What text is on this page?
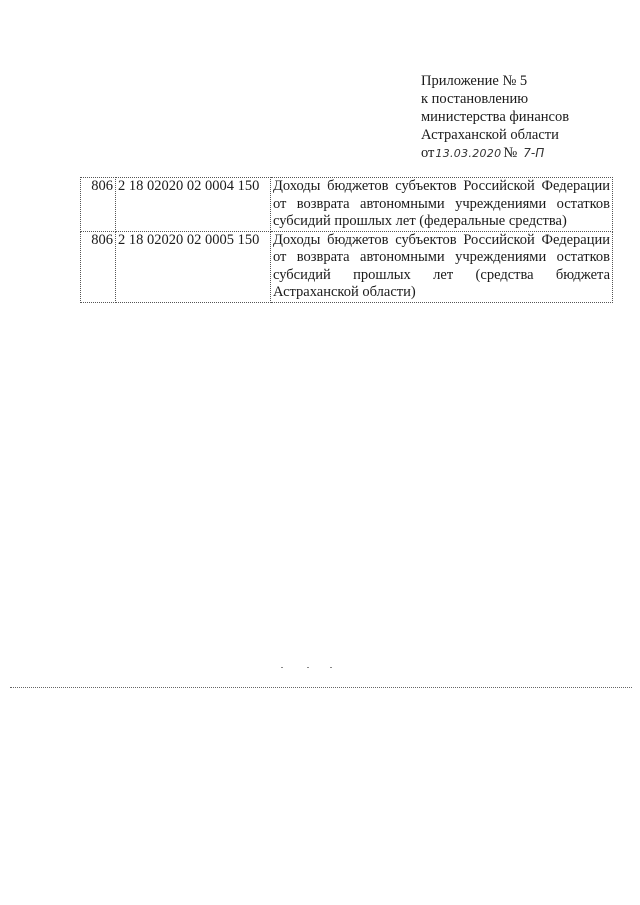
Приложение № 5
к постановлению
министерства финансов
Астраханской области
от 13.03.2020 № 7-П
806	2 18 02020 02 0004 150	Доходы бюджетов субъектов Российской Федерации от возврата автономными учреждениями остатков субсидий прошлых лет (федеральные средства)
806	2 18 02020 02 0005 150	Доходы бюджетов субъектов Российской Федерации от возврата автономными учреждениями остатков субсидий прошлых лет (средства бюджета Астраханской области)
